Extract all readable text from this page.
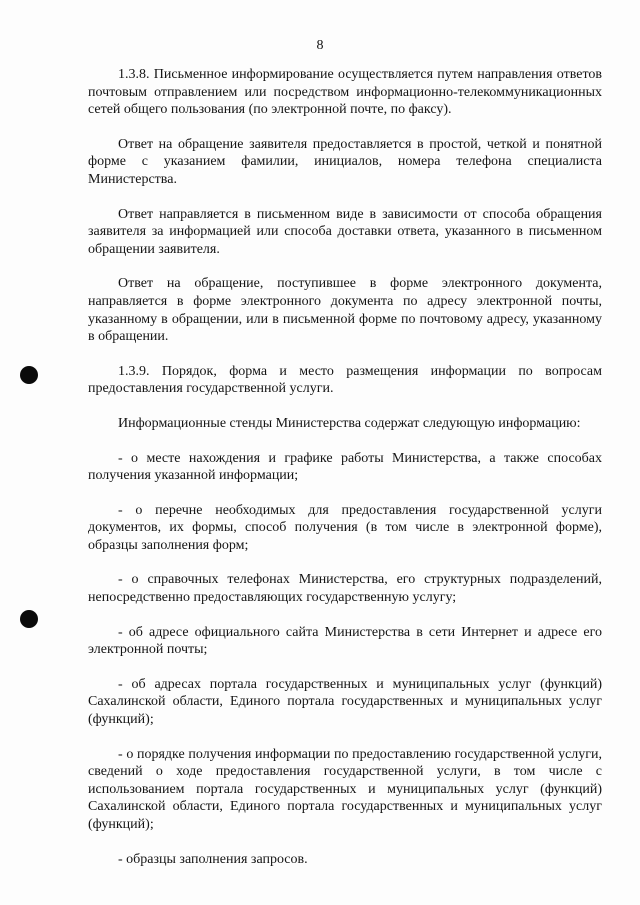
8

1.3.8. Письменное информирование осуществляется путем направления ответов почтовым отправлением или посредством информационно-телекоммуникационных сетей общего пользования (по электронной почте, по факсу).

Ответ на обращение заявителя предоставляется в простой, четкой и понятной форме с указанием фамилии, инициалов, номера телефона специалиста Министерства.

Ответ направляется в письменном виде в зависимости от способа обращения заявителя за информацией или способа доставки ответа, указанного в письменном обращении заявителя.

Ответ на обращение, поступившее в форме электронного документа, направляется в форме электронного документа по адресу электронной почты, указанному в обращении, или в письменной форме по почтовому адресу, указанному в обращении.

1.3.9. Порядок, форма и место размещения информации по вопросам предоставления государственной услуги.

Информационные стенды Министерства содержат следующую информацию:

- о месте нахождения и графике работы Министерства, а также способах получения указанной информации;

- о перечне необходимых для предоставления государственной услуги документов, их формы, способ получения (в том числе в электронной форме), образцы заполнения форм;

- о справочных телефонах Министерства, его структурных подразделений, непосредственно предоставляющих государственную услугу;

- об адресе официального сайта Министерства в сети Интернет и адресе его электронной почты;

- об адресах портала государственных и муниципальных услуг (функций) Сахалинской области, Единого портала государственных и муниципальных услуг (функций);

- о порядке получения информации по предоставлению государственной услуги, сведений о ходе предоставления государственной услуги, в том числе с использованием портала государственных и муниципальных услуг (функций) Сахалинской области, Единого портала государственных и муниципальных услуг (функций);

- образцы заполнения запросов.
